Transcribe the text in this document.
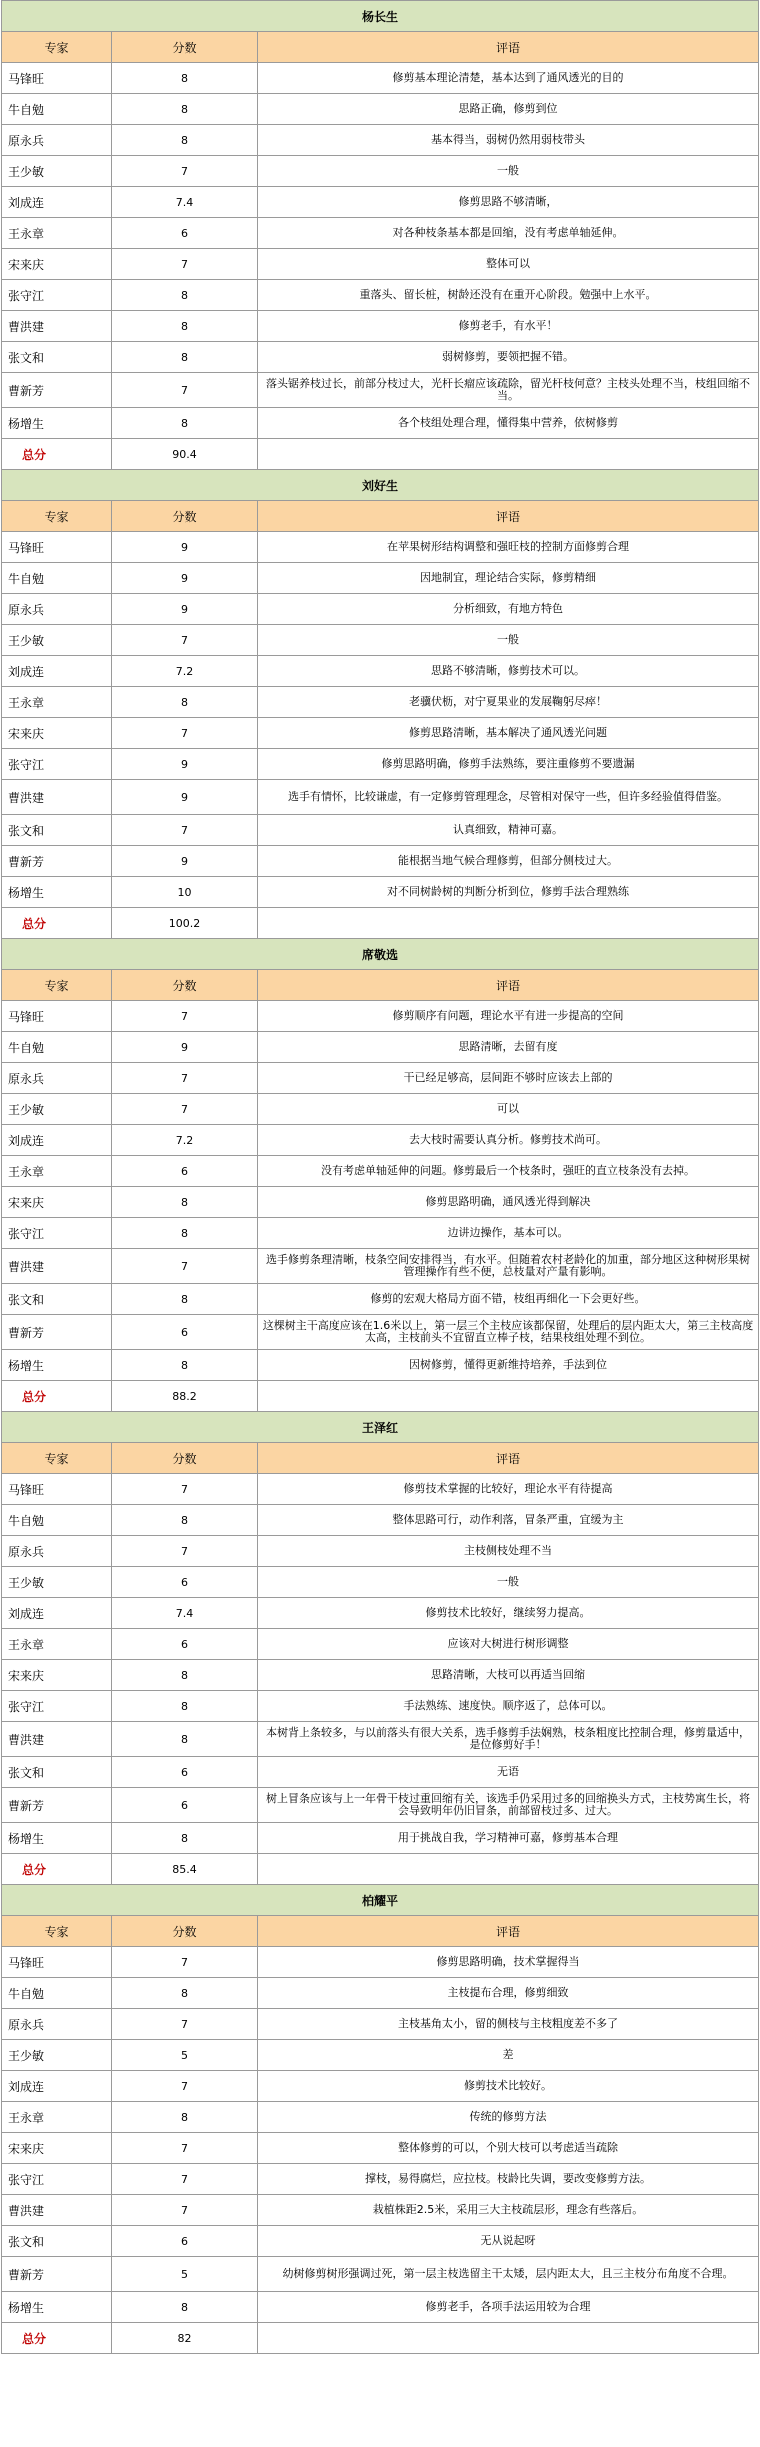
杨长生		
专家	分数	评语
马锋旺	8	修剪基本理论清楚，基本达到了通风透光的目的
牛自勉	8	思路正确，修剪到位
原永兵	8	基本得当，弱树仍然用弱枝带头
王少敏	7	一般
刘成连	7.4	修剪思路不够清晰，
王永章	6	对各种枝条基本都是回缩，没有考虑单轴延伸。
宋来庆	7	整体可以
张守江	8	重落头、留长桩，树龄还没有在重开心阶段。勉强中上水平。
曹洪建	8	修剪老手，有水平！
张文和	8	弱树修剪，要领把握不错。
曹新芳	7	落头锯养枝过长，前部分枝过大，光杆长瘤应该疏除，留光杆枝何意？主枝头处理不当，枝组回缩不当。
杨增生	8	各个枝组处理合理，懂得集中营养，依树修剪
总分	90.4	
刘好生		
专家	分数	评语
马锋旺	9	在苹果树形结构调整和强旺枝的控制方面修剪合理
牛自勉	9	因地制宜，理论结合实际，修剪精细
原永兵	9	分析细致，有地方特色
王少敏	7	一般
刘成连	7.2	思路不够清晰，修剪技术可以。
王永章	8	老骥伏枥，对宁夏果业的发展鞠躬尽瘁！
宋来庆	7	修剪思路清晰，基本解决了通风透光问题
张守江	9	修剪思路明确，修剪手法熟练，要注重修剪不要遗漏
曹洪建	9	选手有情怀，比较谦虚，有一定修剪管理理念，尽管相对保守一些，但许多经验值得借鉴。
张文和	7	认真细致，精神可嘉。
曹新芳	9	能根据当地气候合理修剪，但部分侧枝过大。
杨增生	10	对不同树龄树的判断分析到位，修剪手法合理熟练
总分	100.2	
席敬选		
专家	分数	评语
马锋旺	7	修剪顺序有问题，理论水平有进一步提高的空间
牛自勉	9	思路清晰，去留有度
原永兵	7	干已经足够高，层间距不够时应该去上部的
王少敏	7	可以
刘成连	7.2	去大枝时需要认真分析。修剪技术尚可。
王永章	6	没有考虑单轴延伸的问题。修剪最后一个枝条时，强旺的直立枝条没有去掉。
宋来庆	8	修剪思路明确，通风透光得到解决
张守江	8	边讲边操作，基本可以。
曹洪建	7	选手修剪条理清晰，枝条空间安排得当，有水平。但随着农村老龄化的加重，部分地区这种树形果树管理操作有些不便，总枝量对产量有影响。
张文和	8	修剪的宏观大格局方面不错，枝组再细化一下会更好些。
曹新芳	6	这棵树主干高度应该在1.6米以上，第一层三个主枝应该都保留，处理后的层内距太大，第三主枝高度太高，主枝前头不宜留直立棒子枝，结果枝组处理不到位。
杨增生	8	因树修剪，懂得更新维持培养，手法到位
总分	88.2	
王泽红		
专家	分数	评语
马锋旺	7	修剪技术掌握的比较好，理论水平有待提高
牛自勉	8	整体思路可行，动作利落，冒条严重，宜缓为主
原永兵	7	主枝侧枝处理不当
王少敏	6	一般
刘成连	7.4	修剪技术比较好，继续努力提高。
王永章	6	应该对大树进行树形调整
宋来庆	8	思路清晰，大枝可以再适当回缩
张守江	8	手法熟练、速度快。顺序返了，总体可以。
曹洪建	8	本树背上条较多，与以前落头有很大关系，选手修剪手法娴熟，枝条粗度比控制合理，修剪量适中，是位修剪好手！
张文和	6	无语
曹新芳	6	树上冒条应该与上一年骨干枝过重回缩有关，该选手仍采用过多的回缩换头方式，主枝势寓生长，将会导致明年仍旧冒条，前部留枝过多、过大。
杨增生	8	用于挑战自我，学习精神可嘉，修剪基本合理
总分	85.4	
柏耀平		
专家	分数	评语
马锋旺	7	修剪思路明确，技术掌握得当
牛自勉	8	主枝提布合理，修剪细致
原永兵	7	主枝基角太小，留的侧枝与主枝粗度差不多了
王少敏	5	差
刘成连	7	修剪技术比较好。
王永章	8	传统的修剪方法
宋来庆	7	整体修剪的可以，个别大枝可以考虑适当疏除
张守江	7	撑枝，易得腐烂，应拉枝。枝龄比失调，要改变修剪方法。
曹洪建	7	栽植株距2.5米，采用三大主枝疏层形，理念有些落后。
张文和	6	无从说起呀
曹新芳	5	幼树修剪树形强调过死，第一层主枝选留主干太矮，层内距太大，且三主枝分布角度不合理。
杨增生	8	修剪老手，各项手法运用较为合理
总分	82	
